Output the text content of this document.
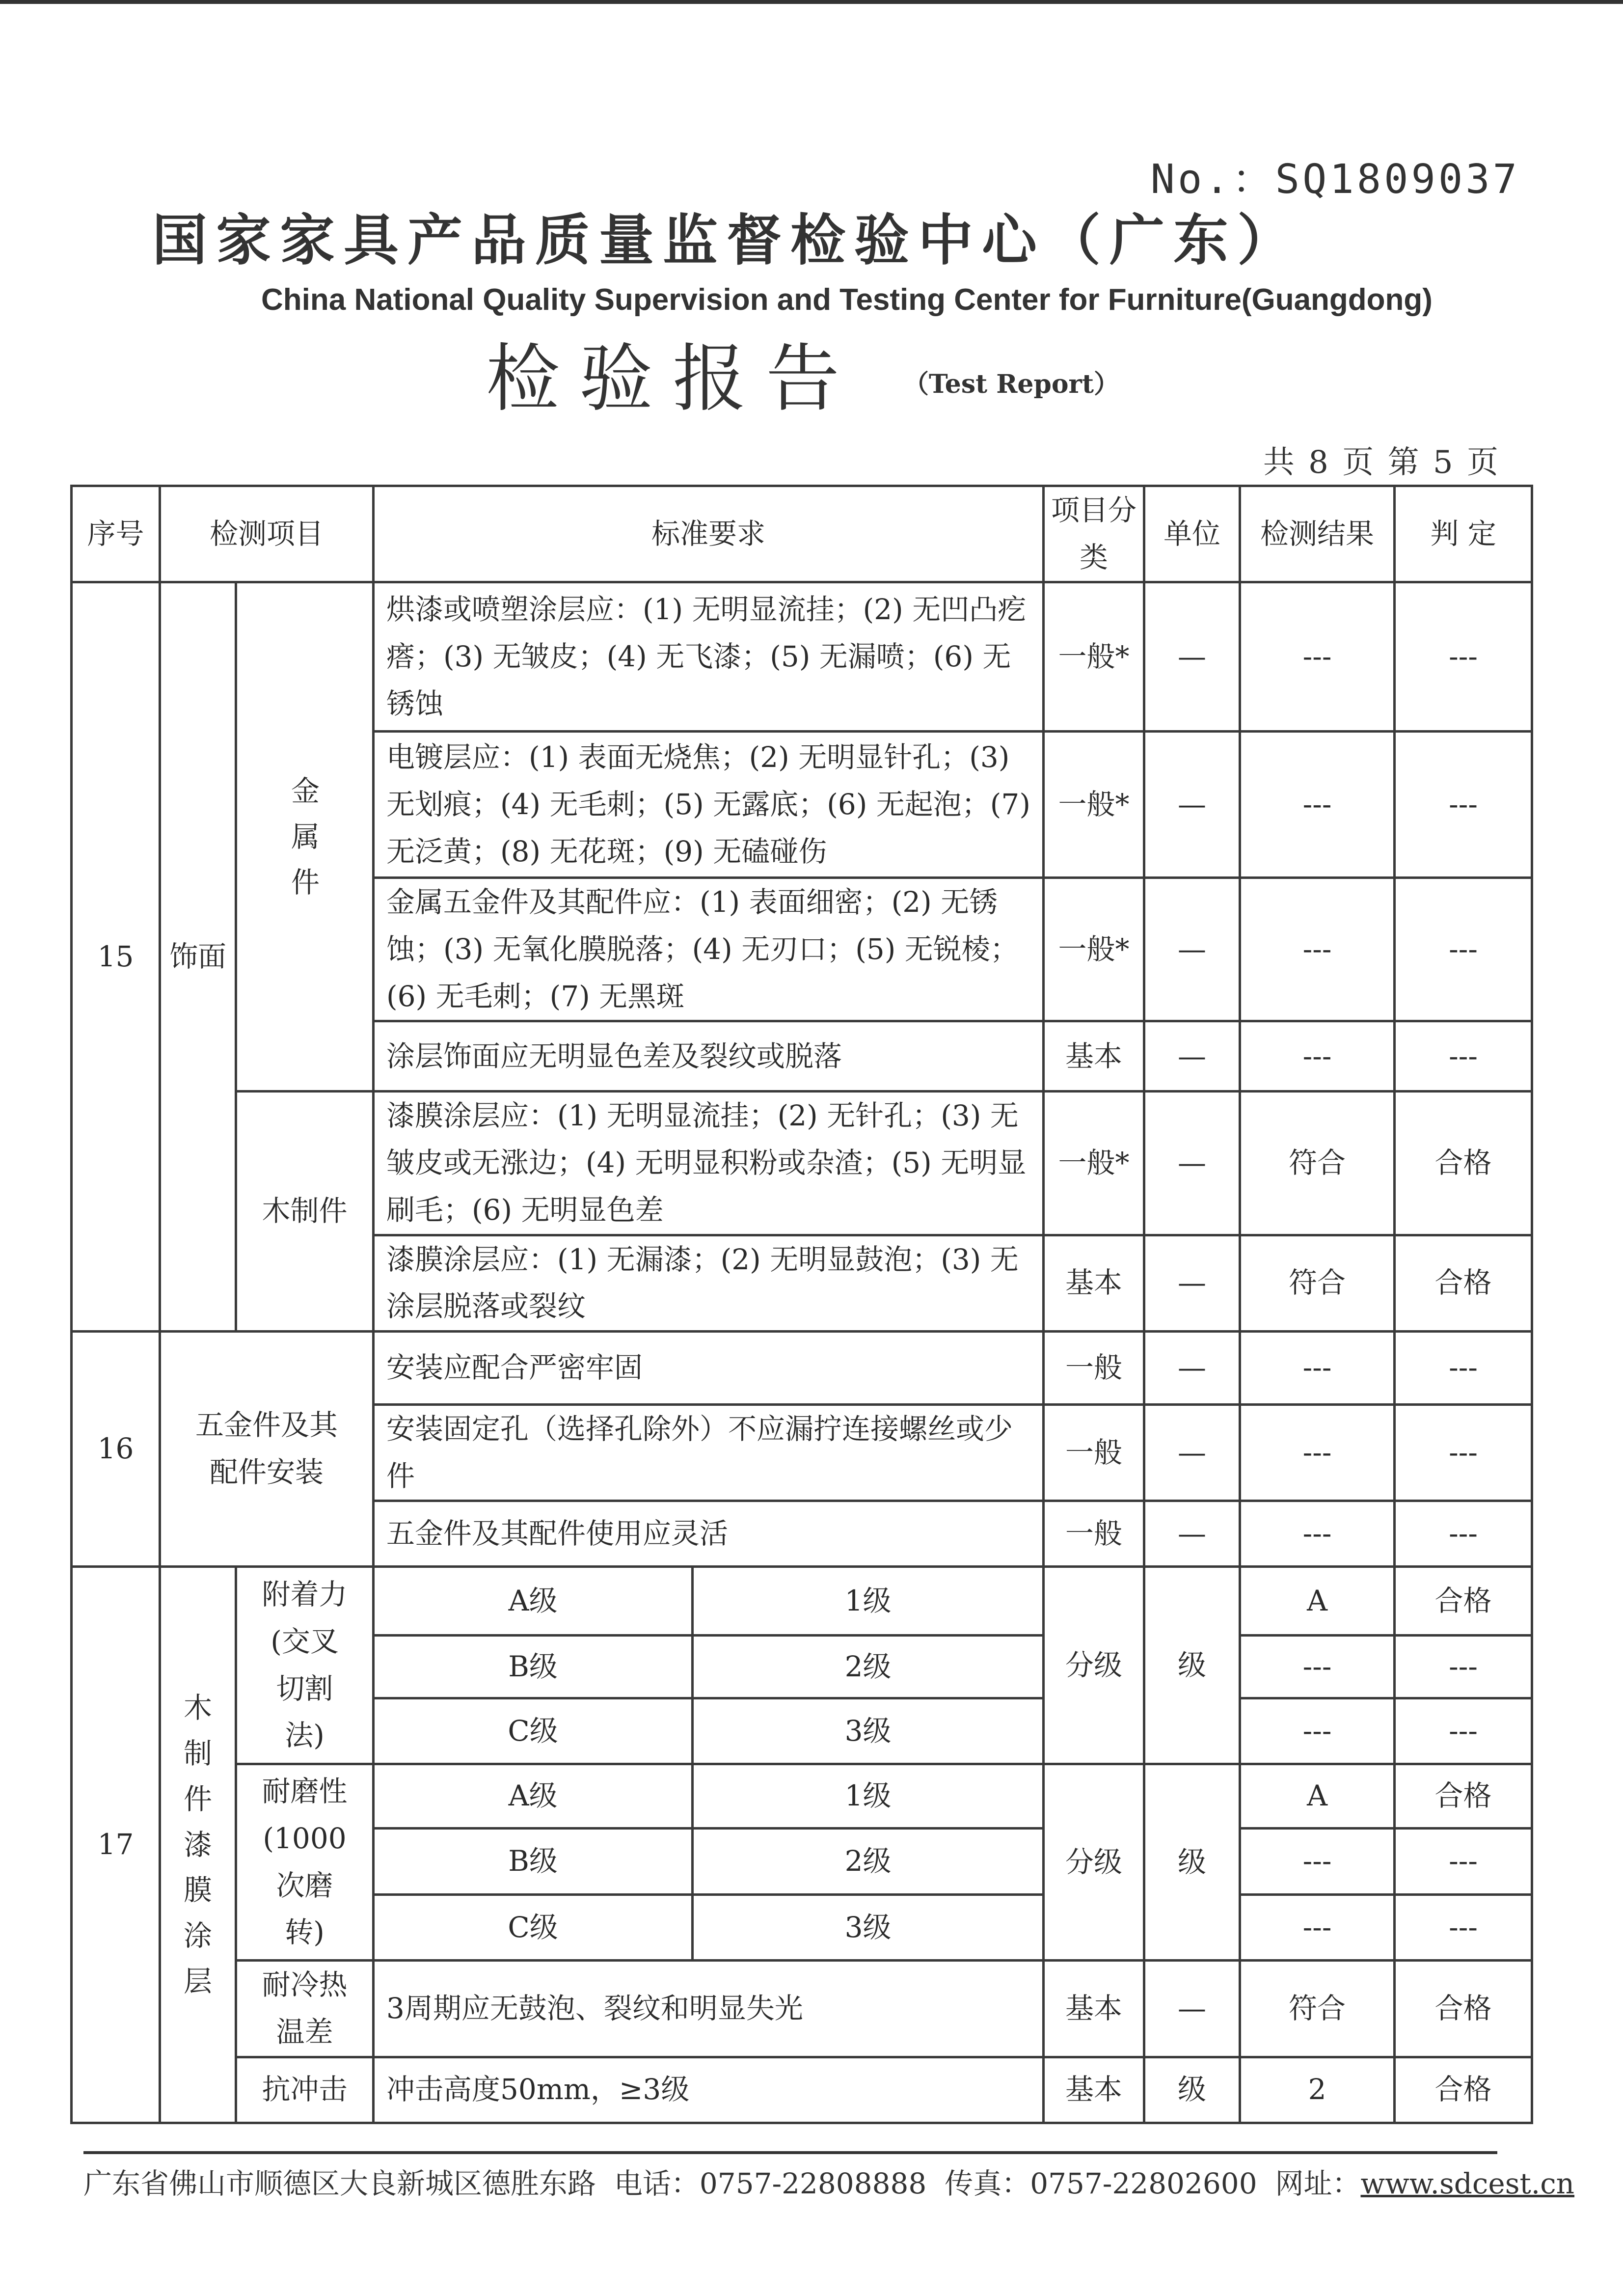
No.：SQ1809037
国家家具产品质量监督检验中心（广东）
China National Quality Supervision and Testing Center for Furniture(Guangdong)
检验报告 （Test Report）
共 8 页 第 5 页
序号	检测项目		标准要求		项目分类	单位	检测结果	判 定
15	饰面	金属件	烘漆或喷塑涂层应：(1) 无明显流挂；(2) 无凹凸疙瘩；(3) 无皱皮；(4) 无飞漆；(5) 无漏喷；(6) 无锈蚀		一般*	—	---	---
			电镀层应：(1) 表面无烧焦；(2) 无明显针孔；(3) 无划痕；(4) 无毛刺；(5) 无露底；(6) 无起泡；(7) 无泛黄；(8) 无花斑；(9) 无磕碰伤		一般*	—	---	---
			金属五金件及其配件应：(1) 表面细密；(2) 无锈蚀；(3) 无氧化膜脱落；(4) 无刃口；(5) 无锐棱；(6) 无毛刺；(7) 无黑斑		一般*	—	---	---
			涂层饰面应无明显色差及裂纹或脱落		基本	—	---	---
		木制件	漆膜涂层应：(1) 无明显流挂；(2) 无针孔；(3) 无皱皮或无涨边；(4) 无明显积粉或杂渣；(5) 无明显刷毛；(6) 无明显色差		一般*	—	符合	合格
			漆膜涂层应：(1) 无漏漆；(2) 无明显鼓泡；(3) 无涂层脱落或裂纹		基本	—	符合	合格
16	五金件及其配件安装		安装应配合严密牢固		一般	—	---	---
			安装固定孔（选择孔除外）不应漏拧连接螺丝或少件		一般	—	---	---
			五金件及其配件使用应灵活		一般	—	---	---
17	木制件漆膜涂层	附着力(交叉切割法)	A级	1级	分级	级	A	合格
			B级	2级			---	---
			C级	3级			---	---
		耐磨性(1000次磨转)	A级	1级	分级	级	A	合格
			B级	2级			---	---
			C级	3级			---	---
		耐冷热温差	3周期应无鼓泡、裂纹和明显失光		基本	—	符合	合格
		抗冲击	冲击高度50mm，≥3级		基本	级	2	合格
广东省佛山市顺德区大良新城区德胜东路 电话：0757-22808888 传真：0757-22802600 网址：www.sdcest.cn
